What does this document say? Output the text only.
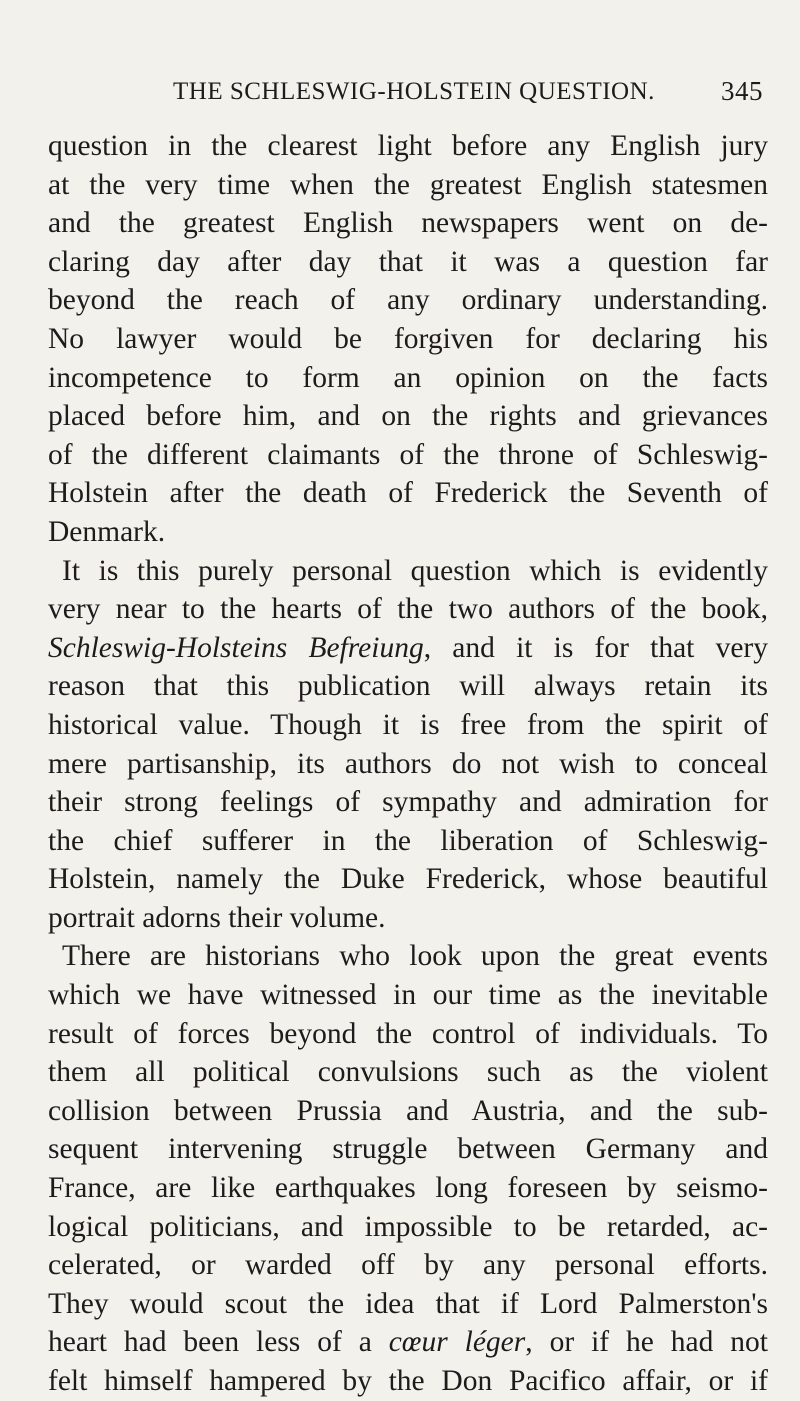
THE SCHLESWIG-HOLSTEIN QUESTION. 345
question in the clearest light before any English jury
at the very time when the greatest English statesmen
and the greatest English newspapers went on de-
claring day after day that it was a question far
beyond the reach of any ordinary understanding.
No lawyer would be forgiven for declaring his
incompetence to form an opinion on the facts
placed before him, and on the rights and grievances
of the different claimants of the throne of Schleswig-
Holstein after the death of Frederick the Seventh of
Denmark.
It is this purely personal question which is evidently
very near to the hearts of the two authors of the book,
Schleswig-Holsteins Befreiung, and it is for that very
reason that this publication will always retain its
historical value. Though it is free from the spirit of
mere partisanship, its authors do not wish to conceal
their strong feelings of sympathy and admiration for
the chief sufferer in the liberation of Schleswig-
Holstein, namely the Duke Frederick, whose beautiful
portrait adorns their volume.
There are historians who look upon the great events
which we have witnessed in our time as the inevitable
result of forces beyond the control of individuals. To
them all political convulsions such as the violent
collision between Prussia and Austria, and the sub-
sequent intervening struggle between Germany and
France, are like earthquakes long foreseen by seismo-
logical politicians, and impossible to be retarded, ac-
celerated, or warded off by any personal efforts.
They would scout the idea that if Lord Palmerston's
heart had been less of a cœur léger, or if he had not
felt himself hampered by the Don Pacifico affair, or if
